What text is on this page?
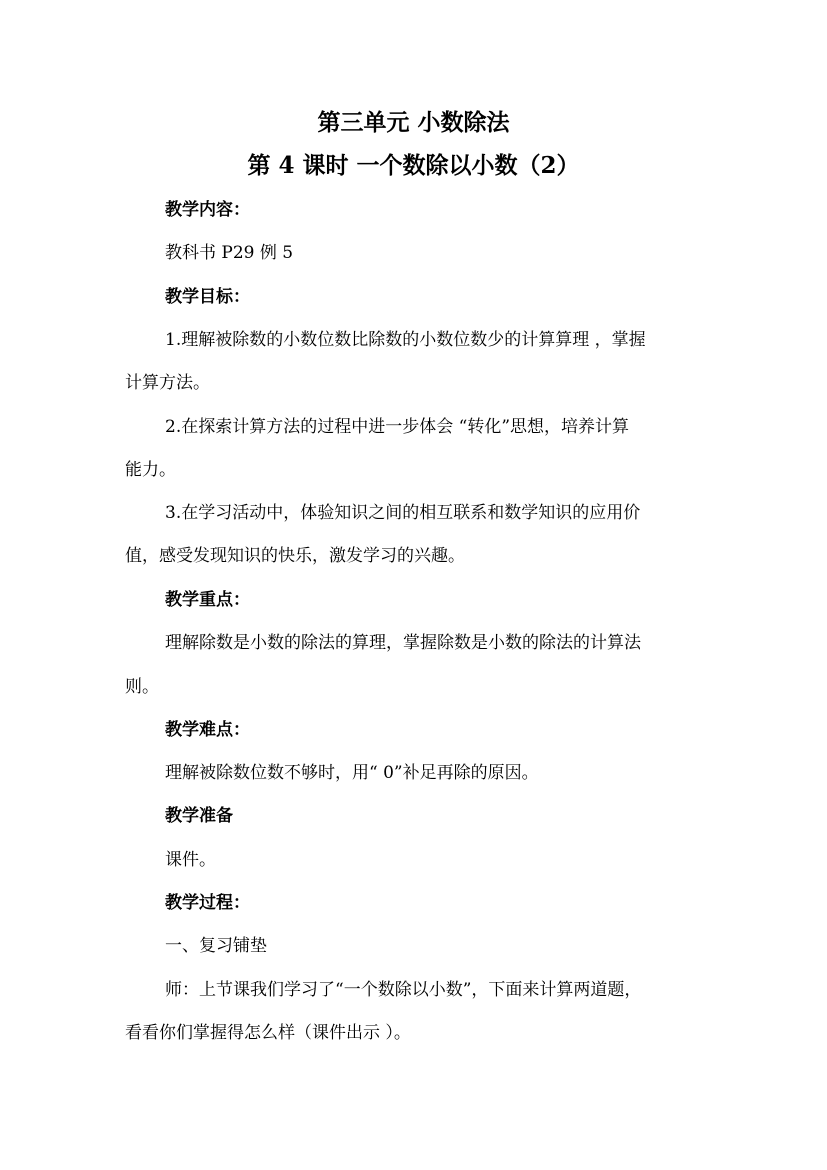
第三单元 小数除法
第 4 课时 一个数除以小数（2）
教学内容：
教科书 P29 例 5
教学目标：
1.理解被除数的小数位数比除数的小数位数少的计算算理 ，掌握
计算方法。
2.在探索计算方法的过程中进一步体会 “转化”思想，培养计算
能力。
3.在学习活动中，体验知识之间的相互联系和数学知识的应用价
值，感受发现知识的快乐，激发学习的兴趣。
教学重点：
理解除数是小数的除法的算理，掌握除数是小数的除法的计算法
则。
教学难点：
理解被除数位数不够时，用“ 0”补足再除的原因。
教学准备
课件。
教学过程：
一、复习铺垫
师：上节课我们学习了“一个数除以小数”，下面来计算两道题，
看看你们掌握得怎么样（课件出示 ）。
